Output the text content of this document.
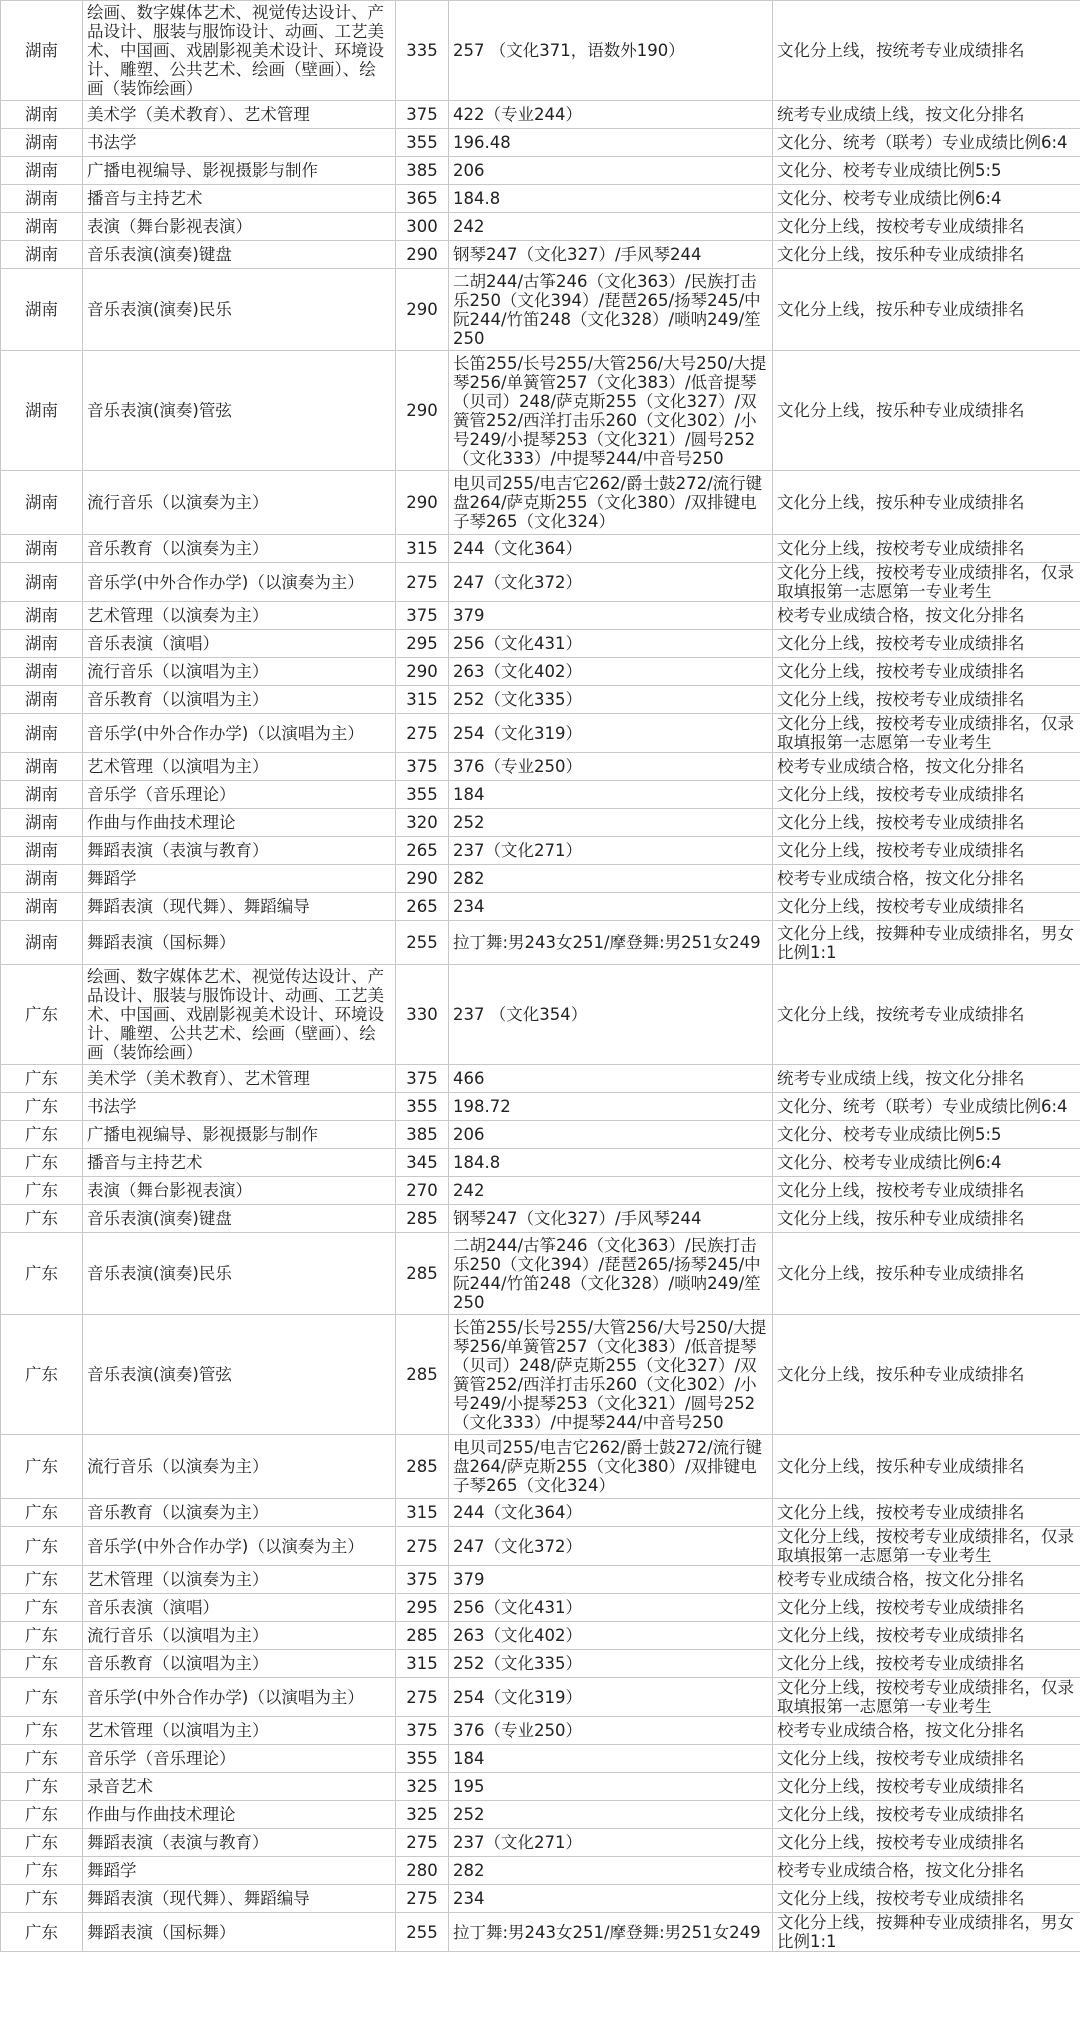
湖南	绘画、数字媒体艺术、视觉传达设计、产品设计、服装与服饰设计、动画、工艺美术、中国画、戏剧影视美术设计、环境设计、雕塑、公共艺术、绘画（壁画）、绘画（装饰绘画）	335	257 （文化371，语数外190）	文化分上线，按统考专业成绩排名
湖南	美术学（美术教育）、艺术管理	375	422（专业244）	统考专业成绩上线，按文化分排名
湖南	书法学	355	196.48	文化分、统考（联考）专业成绩比例6:4
湖南	广播电视编导、影视摄影与制作	385	206	文化分、校考专业成绩比例5:5
湖南	播音与主持艺术	365	184.8	文化分、校考专业成绩比例6:4
湖南	表演（舞台影视表演）	300	242	文化分上线，按校考专业成绩排名
湖南	音乐表演(演奏)键盘	290	钢琴247（文化327）/手风琴244	文化分上线，按乐种专业成绩排名
湖南	音乐表演(演奏)民乐	290	二胡244/古筝246（文化363）/民族打击乐250（文化394）/琵琶265/扬琴245/中阮244/竹笛248（文化328）/唢呐249/笙250	文化分上线，按乐种专业成绩排名
湖南	音乐表演(演奏)管弦	290	长笛255/长号255/大管256/大号250/大提琴256/单簧管257（文化383）/低音提琴（贝司）248/萨克斯255（文化327）/双簧管252/西洋打击乐260（文化302）/小号249/小提琴253（文化321）/圆号252（文化333）/中提琴244/中音号250	文化分上线，按乐种专业成绩排名
湖南	流行音乐（以演奏为主）	290	电贝司255/电吉它262/爵士鼓272/流行键盘264/萨克斯255（文化380）/双排键电子琴265（文化324）	文化分上线，按乐种专业成绩排名
湖南	音乐教育（以演奏为主）	315	244（文化364）	文化分上线，按校考专业成绩排名
湖南	音乐学(中外合作办学)（以演奏为主）	275	247（文化372）	文化分上线，按校考专业成绩排名，仅录取填报第一志愿第一专业考生
湖南	艺术管理（以演奏为主）	375	379	校考专业成绩合格，按文化分排名
湖南	音乐表演（演唱）	295	256（文化431）	文化分上线，按校考专业成绩排名
湖南	流行音乐（以演唱为主）	290	263（文化402）	文化分上线，按校考专业成绩排名
湖南	音乐教育（以演唱为主）	315	252（文化335）	文化分上线，按校考专业成绩排名
湖南	音乐学(中外合作办学)（以演唱为主）	275	254（文化319）	文化分上线，按校考专业成绩排名，仅录取填报第一志愿第一专业考生
湖南	艺术管理（以演唱为主）	375	376（专业250）	校考专业成绩合格，按文化分排名
湖南	音乐学（音乐理论）	355	184	文化分上线，按校考专业成绩排名
湖南	作曲与作曲技术理论	320	252	文化分上线，按校考专业成绩排名
湖南	舞蹈表演（表演与教育）	265	237（文化271）	文化分上线，按校考专业成绩排名
湖南	舞蹈学	290	282	校考专业成绩合格，按文化分排名
湖南	舞蹈表演（现代舞）、舞蹈编导	265	234	文化分上线，按校考专业成绩排名
湖南	舞蹈表演（国标舞）	255	拉丁舞:男243女251/摩登舞:男251女249	文化分上线，按舞种专业成绩排名，男女比例1:1
广东	绘画、数字媒体艺术、视觉传达设计、产品设计、服装与服饰设计、动画、工艺美术、中国画、戏剧影视美术设计、环境设计、雕塑、公共艺术、绘画（壁画）、绘画（装饰绘画）	330	237 （文化354）	文化分上线，按统考专业成绩排名
广东	美术学（美术教育）、艺术管理	375	466	统考专业成绩上线，按文化分排名
广东	书法学	355	198.72	文化分、统考（联考）专业成绩比例6:4
广东	广播电视编导、影视摄影与制作	385	206	文化分、校考专业成绩比例5:5
广东	播音与主持艺术	345	184.8	文化分、校考专业成绩比例6:4
广东	表演（舞台影视表演）	270	242	文化分上线，按校考专业成绩排名
广东	音乐表演(演奏)键盘	285	钢琴247（文化327）/手风琴244	文化分上线，按乐种专业成绩排名
广东	音乐表演(演奏)民乐	285	二胡244/古筝246（文化363）/民族打击乐250（文化394）/琵琶265/扬琴245/中阮244/竹笛248（文化328）/唢呐249/笙250	文化分上线，按乐种专业成绩排名
广东	音乐表演(演奏)管弦	285	长笛255/长号255/大管256/大号250/大提琴256/单簧管257（文化383）/低音提琴（贝司）248/萨克斯255（文化327）/双簧管252/西洋打击乐260（文化302）/小号249/小提琴253（文化321）/圆号252（文化333）/中提琴244/中音号250	文化分上线，按乐种专业成绩排名
广东	流行音乐（以演奏为主）	285	电贝司255/电吉它262/爵士鼓272/流行键盘264/萨克斯255（文化380）/双排键电子琴265（文化324）	文化分上线，按乐种专业成绩排名
广东	音乐教育（以演奏为主）	315	244（文化364）	文化分上线，按校考专业成绩排名
广东	音乐学(中外合作办学)（以演奏为主）	275	247（文化372）	文化分上线，按校考专业成绩排名，仅录取填报第一志愿第一专业考生
广东	艺术管理（以演奏为主）	375	379	校考专业成绩合格，按文化分排名
广东	音乐表演（演唱）	295	256（文化431）	文化分上线，按校考专业成绩排名
广东	流行音乐（以演唱为主）	285	263（文化402）	文化分上线，按校考专业成绩排名
广东	音乐教育（以演唱为主）	315	252（文化335）	文化分上线，按校考专业成绩排名
广东	音乐学(中外合作办学)（以演唱为主）	275	254（文化319）	文化分上线，按校考专业成绩排名，仅录取填报第一志愿第一专业考生
广东	艺术管理（以演唱为主）	375	376（专业250）	校考专业成绩合格，按文化分排名
广东	音乐学（音乐理论）	355	184	文化分上线，按校考专业成绩排名
广东	录音艺术	325	195	文化分上线，按校考专业成绩排名
广东	作曲与作曲技术理论	325	252	文化分上线，按校考专业成绩排名
广东	舞蹈表演（表演与教育）	275	237（文化271）	文化分上线，按校考专业成绩排名
广东	舞蹈学	280	282	校考专业成绩合格，按文化分排名
广东	舞蹈表演（现代舞）、舞蹈编导	275	234	文化分上线，按校考专业成绩排名
广东	舞蹈表演（国标舞）	255	拉丁舞:男243女251/摩登舞:男251女249	文化分上线，按舞种专业成绩排名，男女比例1:1
